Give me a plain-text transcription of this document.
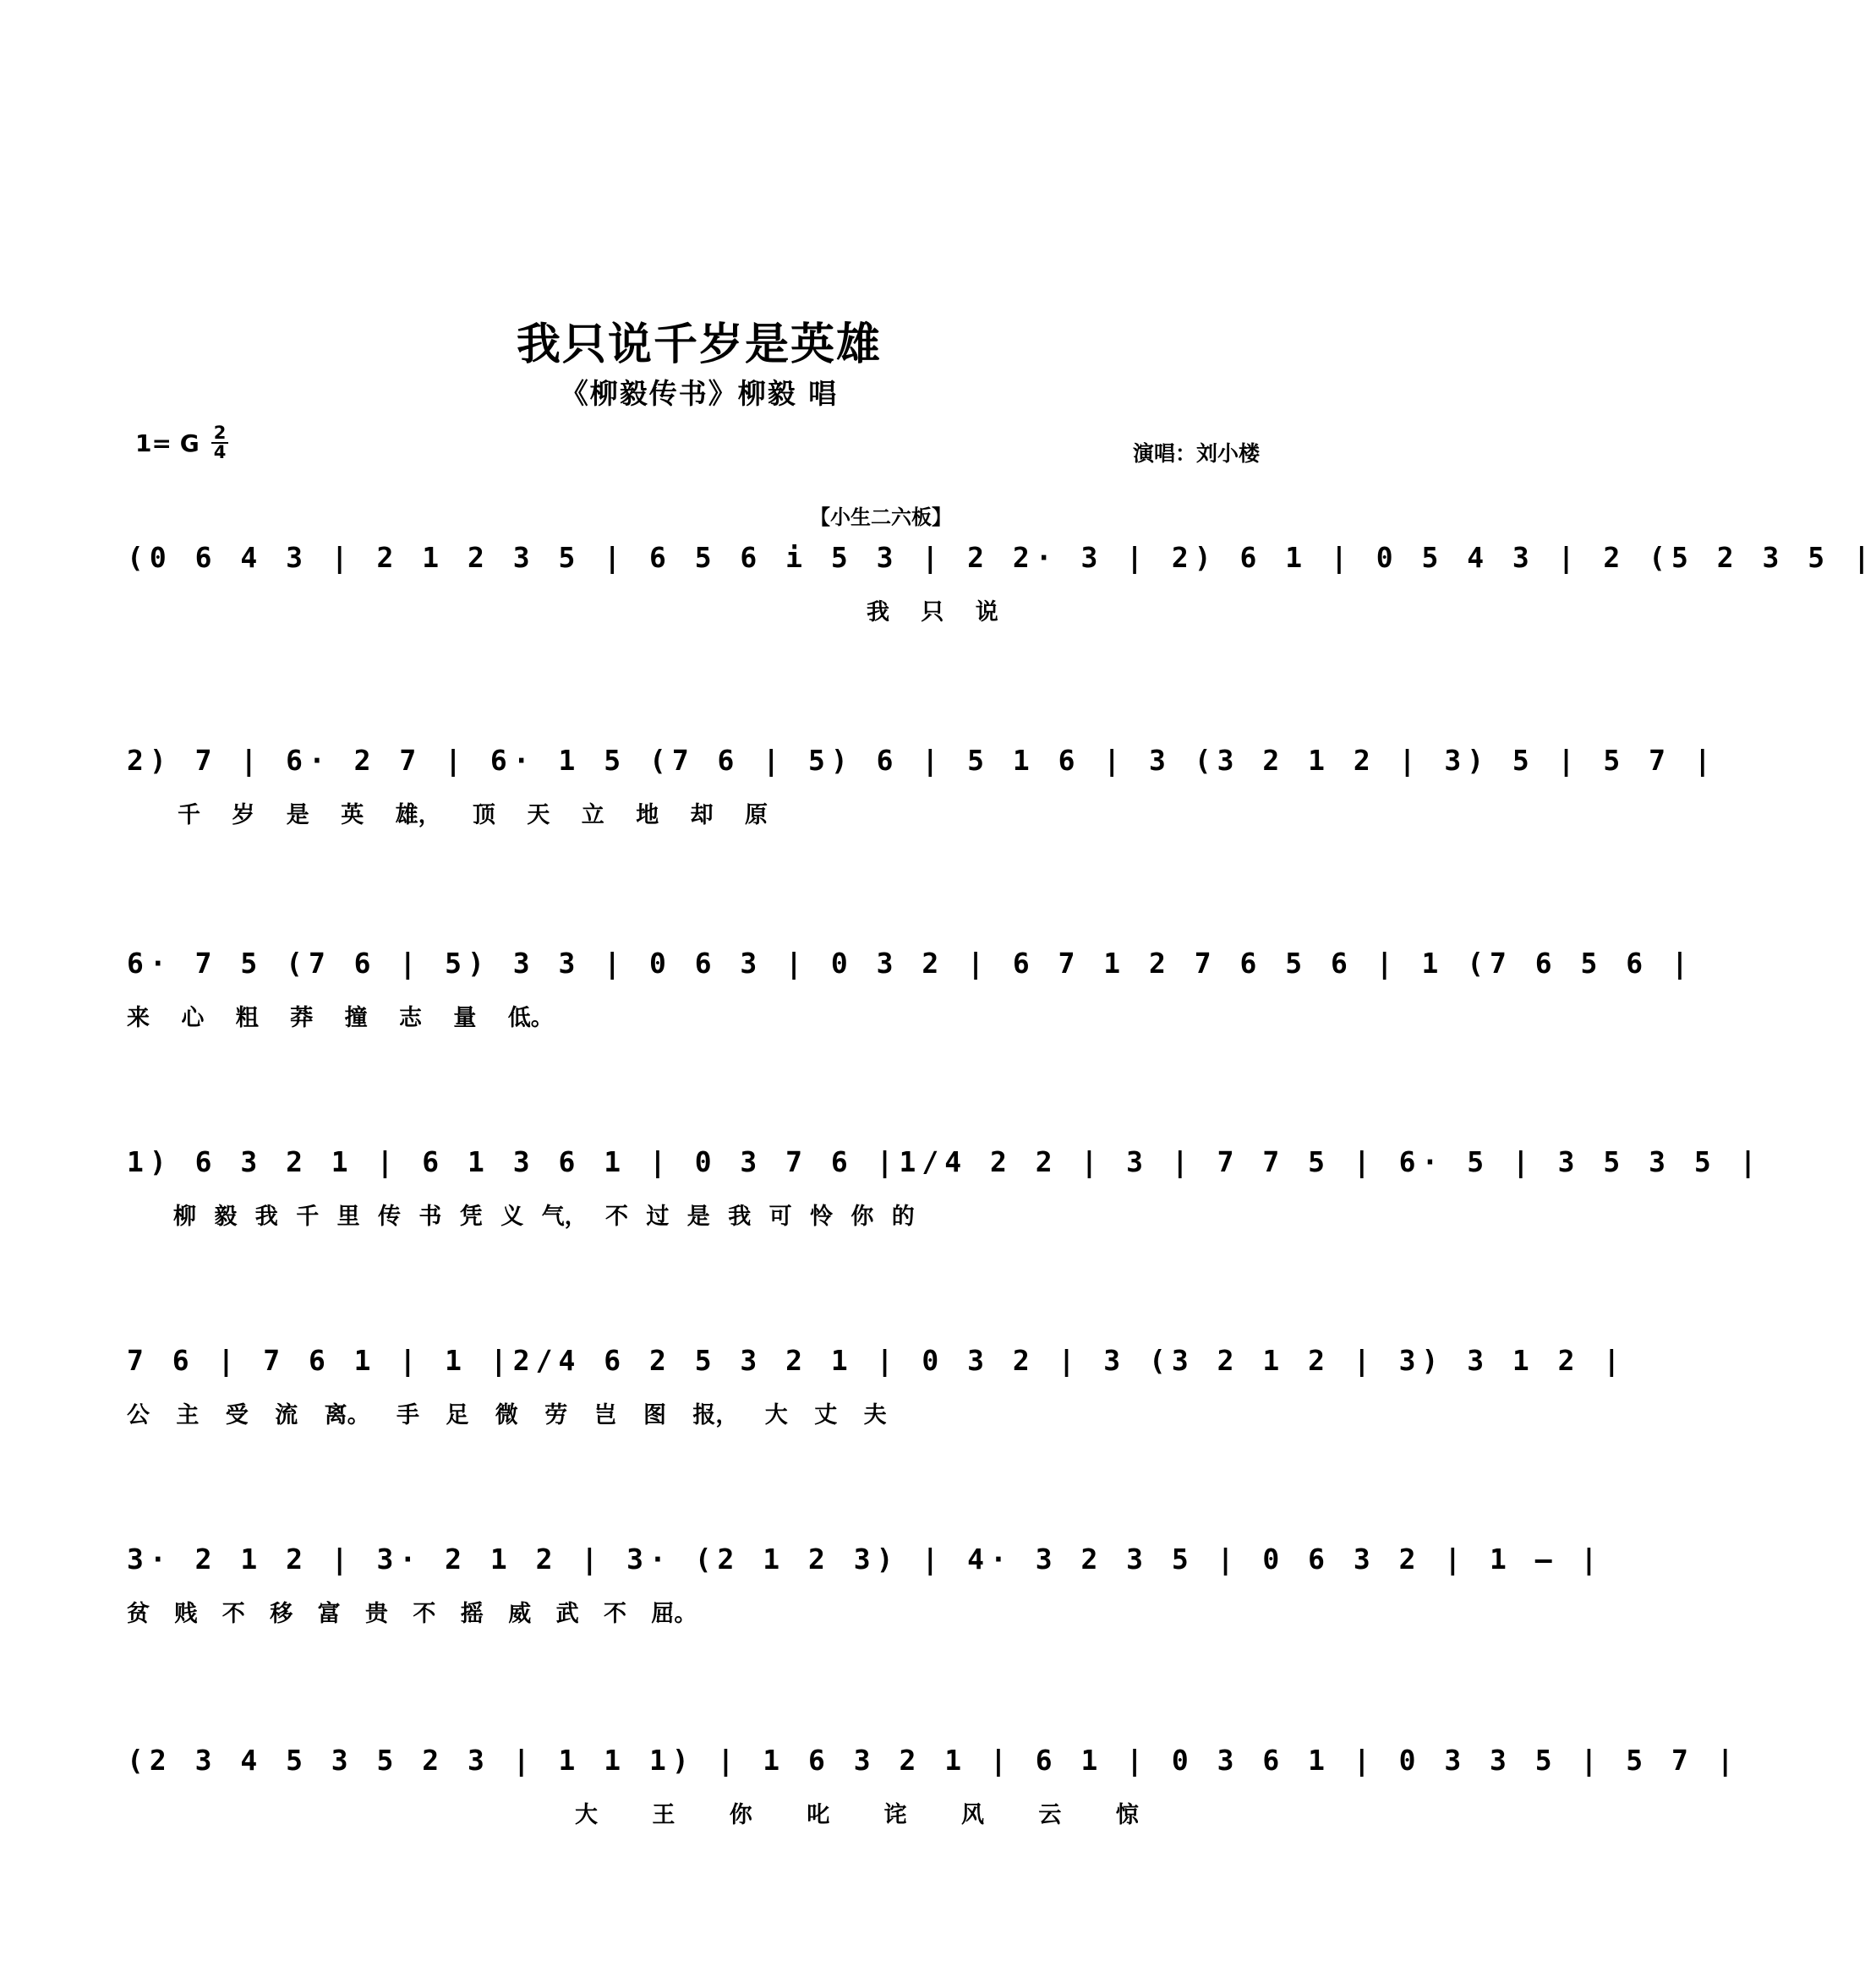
我只说千岁是英雄
《柳毅传书》柳毅 唱
1= G 2
4	演唱：刘小楼
【小生二六板】
(0 6 4 3 | 2 1 2 3 5 | 6 5 6 i 5 3 | 2 2· 3 | 2) 6 1 | 0 5 4 3 | 2 (5 2 3 5 |
我 只 说
2) 7 | 6· 2 7 | 6· 1 5 (7 6 | 5) 6 | 5 1 6 | 3 (3 2 1 2 | 3) 5 | 5 7 |
千 岁 是 英 雄， 顶 天 立 地 却 原
6· 7 5 (7 6 | 5) 3 3 | 0 6 3 | 0 3 2 | 6 7 1 2 7 6 5 6 | 1 (7 6 5 6 |
来 心 粗 莽 撞 志 量 低。
1) 6 3 2 1 | 6 1 3 6 1 | 0 3 7 6 |1/4 2 2 | 3 | 7 7 5 | 6· 5 | 3 5 3 5 |
柳 毅 我 千 里 传 书 凭 义 气， 不 过 是 我 可 怜 你 的
7 6 | 7 6 1 | 1 |2/4 6 2 5 3 2 1 | 0 3 2 | 3 (3 2 1 2 | 3) 3 1 2 |
公 主 受 流 离。 手 足 微 劳 岂 图 报， 大 丈 夫
3· 2 1 2 | 3· 2 1 2 | 3· (2 1 2 3) | 4· 3 2 3 5 | 0 6 3 2 | 1 — |
贫 贱 不 移 富 贵 不 摇 威 武 不 屈。
(2 3 4 5 3 5 2 3 | 1 1 1) | 1 6 3 2 1 | 6 1 | 0 3 6 1 | 0 3 3 5 | 5 7 |
大 王 你 叱 诧 风 云 惊
